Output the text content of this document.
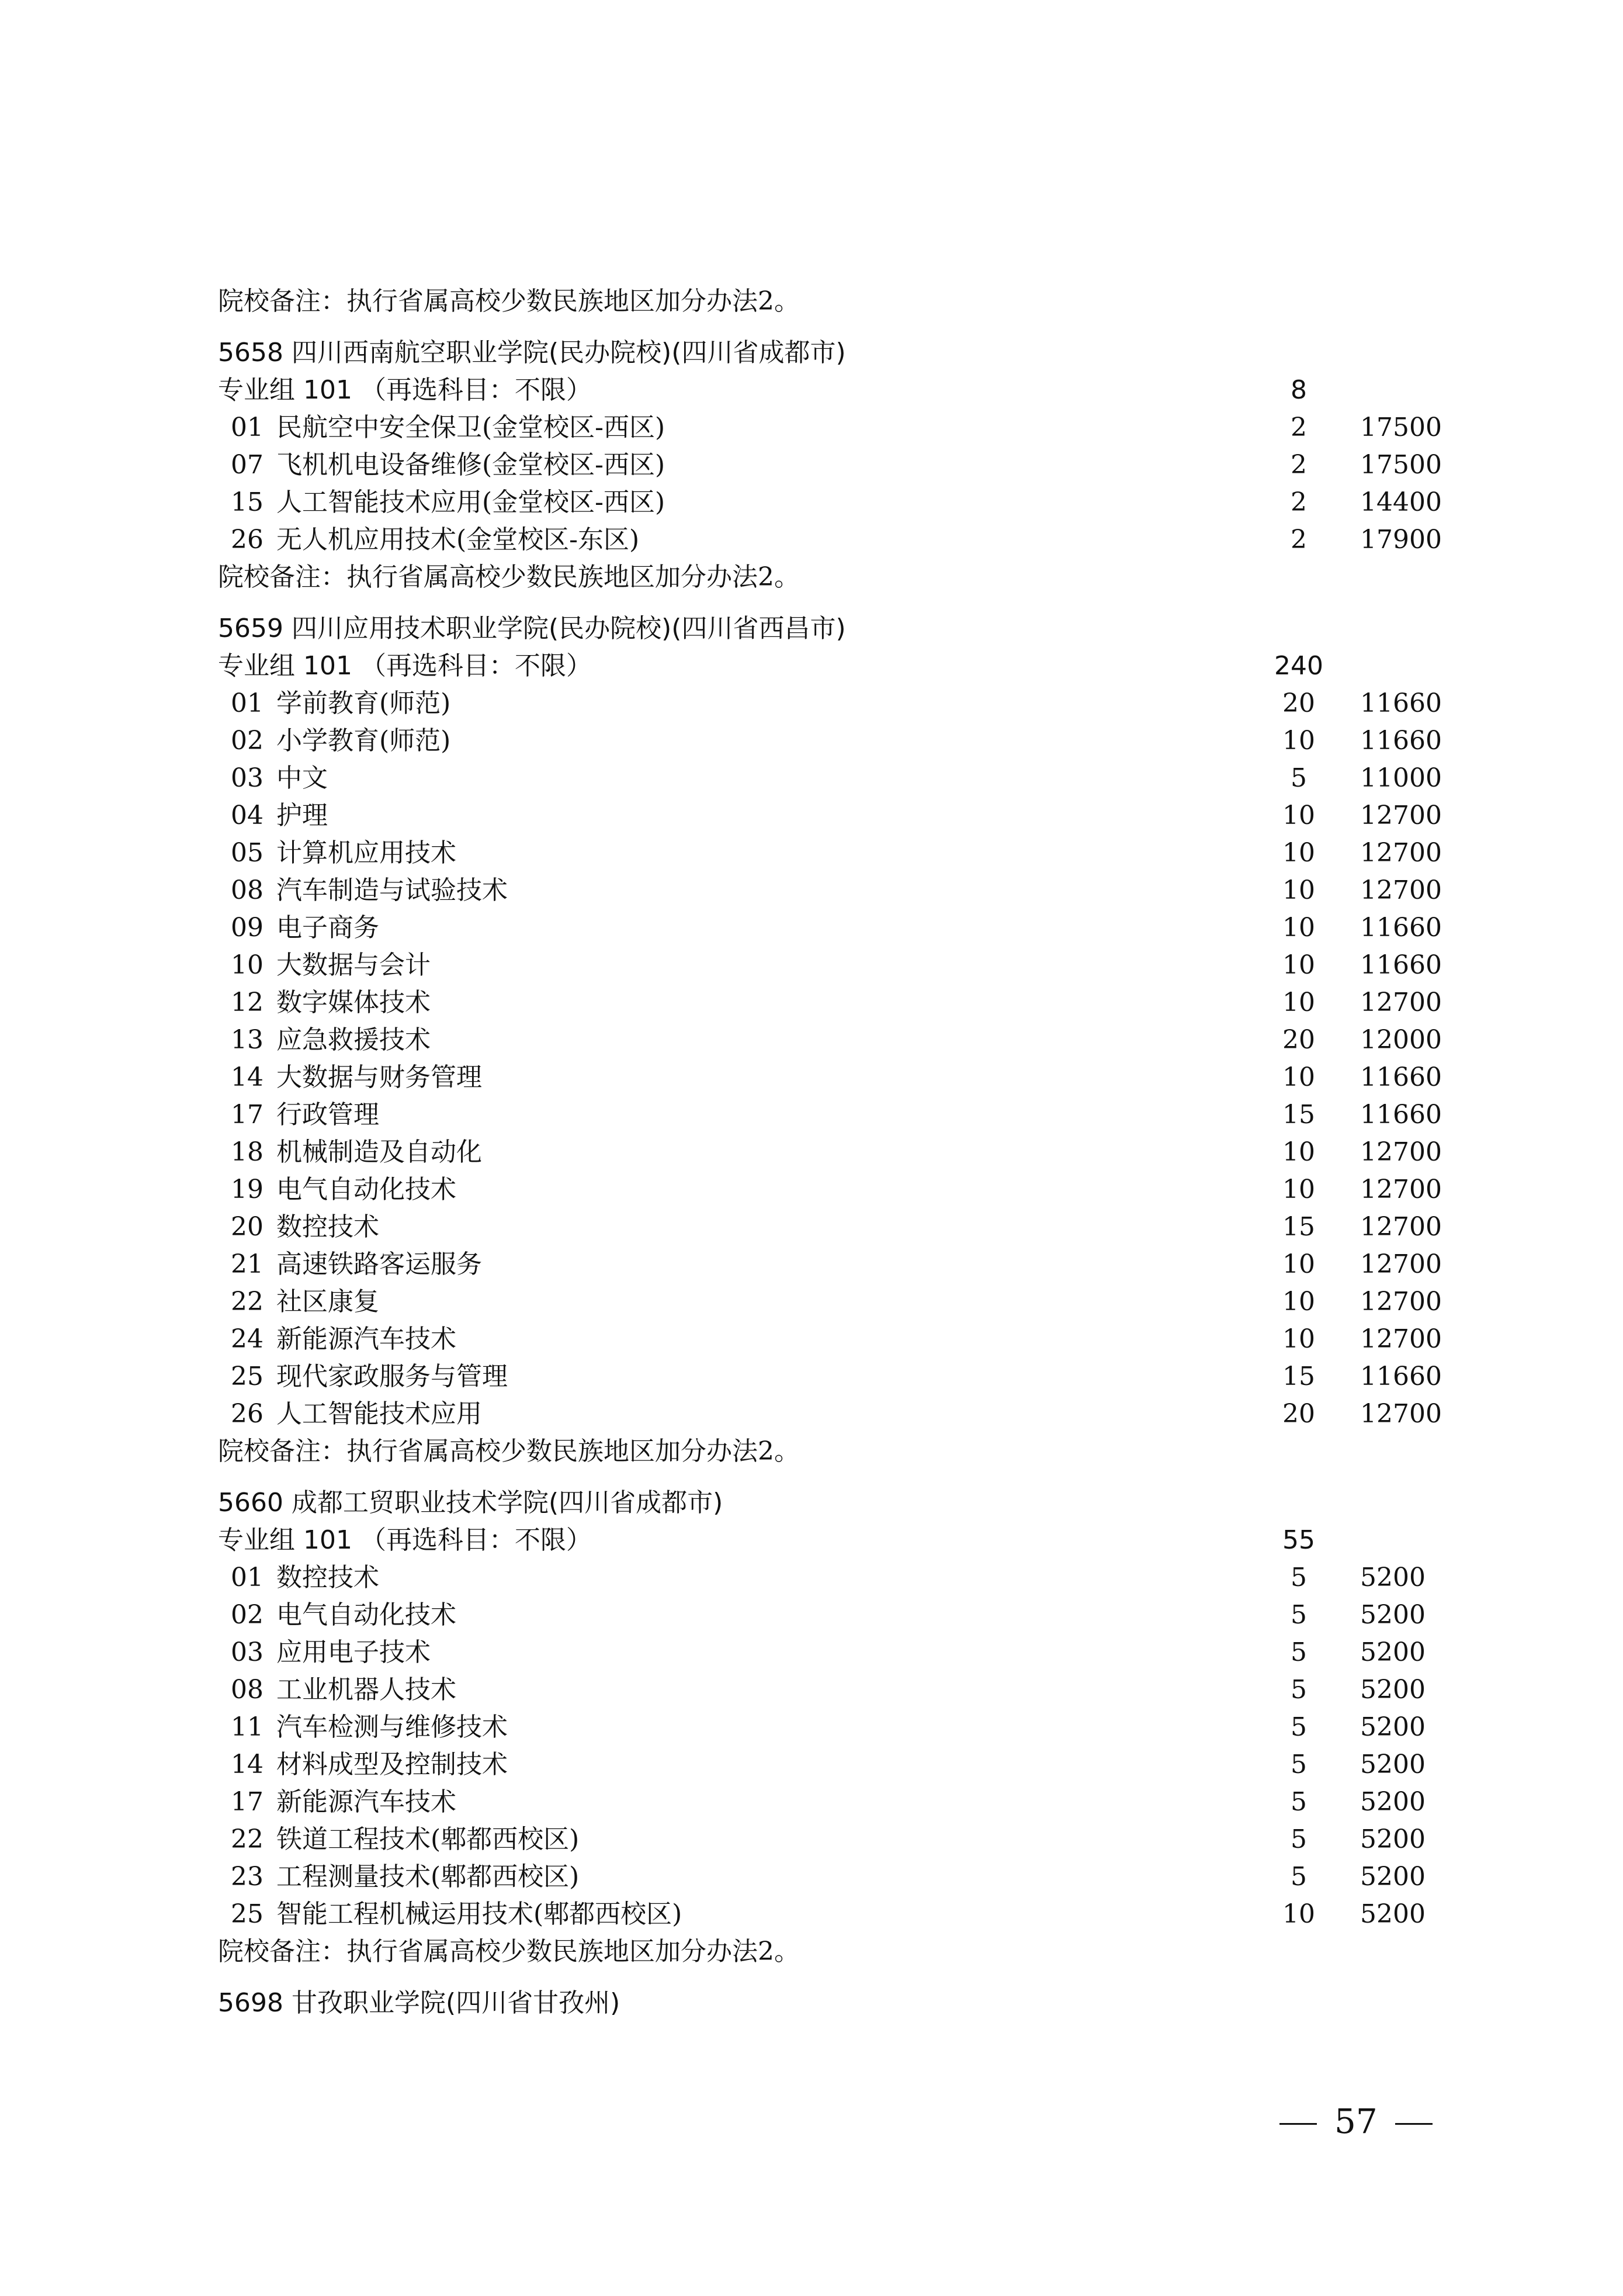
院校备注：执行省属高校少数民族地区加分办法2。
5658 四川西南航空职业学院(民办院校)(四川省成都市)
专业组 101 （再选科目：不限）	8
01 民航空中安全保卫(金堂校区-西区)	2	17500
07 飞机机电设备维修(金堂校区-西区)	2	17500
15 人工智能技术应用(金堂校区-西区)	2	14400
26 无人机应用技术(金堂校区-东区)	2	17900
院校备注：执行省属高校少数民族地区加分办法2。
5659 四川应用技术职业学院(民办院校)(四川省西昌市)
专业组 101 （再选科目：不限）	240
01 学前教育(师范)	20	11660
02 小学教育(师范)	10	11660
03 中文	5	11000
04 护理	10	12700
05 计算机应用技术	10	12700
08 汽车制造与试验技术	10	12700
09 电子商务	10	11660
10 大数据与会计	10	11660
12 数字媒体技术	10	12700
13 应急救援技术	20	12000
14 大数据与财务管理	10	11660
17 行政管理	15	11660
18 机械制造及自动化	10	12700
19 电气自动化技术	10	12700
20 数控技术	15	12700
21 高速铁路客运服务	10	12700
22 社区康复	10	12700
24 新能源汽车技术	10	12700
25 现代家政服务与管理	15	11660
26 人工智能技术应用	20	12700
院校备注：执行省属高校少数民族地区加分办法2。
5660 成都工贸职业技术学院(四川省成都市)
专业组 101 （再选科目：不限）	55
01 数控技术	5	5200
02 电气自动化技术	5	5200
03 应用电子技术	5	5200
08 工业机器人技术	5	5200
11 汽车检测与维修技术	5	5200
14 材料成型及控制技术	5	5200
17 新能源汽车技术	5	5200
22 铁道工程技术(郫都西校区)	5	5200
23 工程测量技术(郫都西校区)	5	5200
25 智能工程机械运用技术(郫都西校区)	10	5200
院校备注：执行省属高校少数民族地区加分办法2。
5698 甘孜职业学院(四川省甘孜州)
57
